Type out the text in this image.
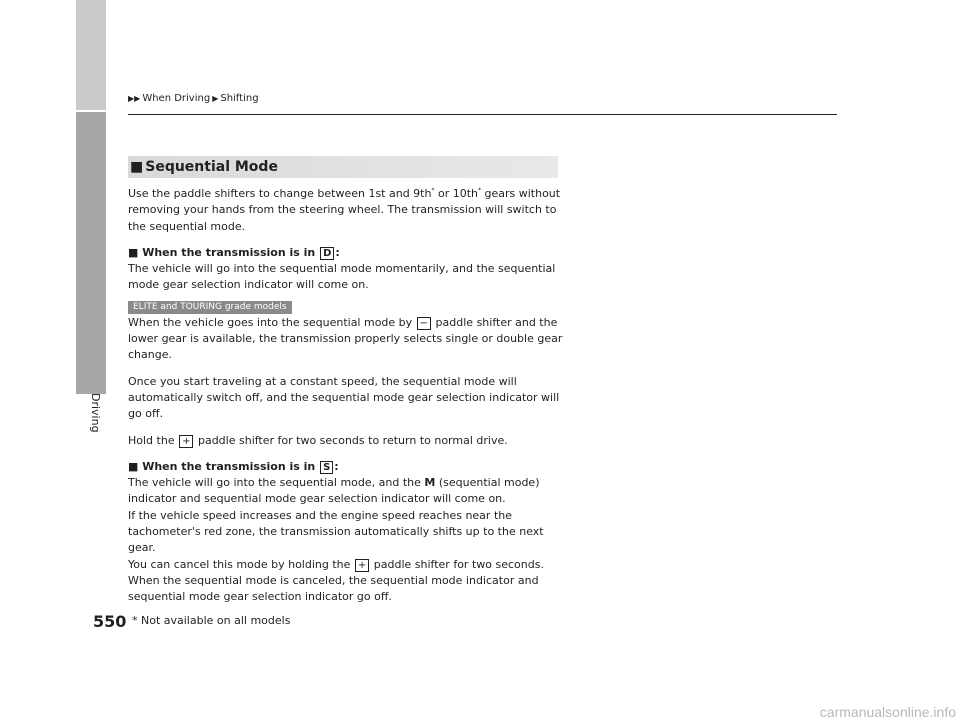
Driving
▶▶ When Driving ▶ Shifting
■ Sequential Mode

Use the paddle shifters to change between 1st and 9th* or 10th* gears without removing your hands from the steering wheel. The transmission will switch to the sequential mode.

■ When the transmission is in D :

The vehicle will go into the sequential mode momentarily, and the sequential mode gear selection indicator will come on.

ELITE and TOURING grade models

When the vehicle goes into the sequential mode by − paddle shifter and the lower gear is available, the transmission properly selects single or double gear change.

Once you start traveling at a constant speed, the sequential mode will automatically switch off, and the sequential mode gear selection indicator will go off.

Hold the + paddle shifter for two seconds to return to normal drive.

■ When the transmission is in S :

The vehicle will go into the sequential mode, and the M (sequential mode) indicator and sequential mode gear selection indicator will come on.

If the vehicle speed increases and the engine speed reaches near the tachometer's red zone, the transmission automatically shifts up to the next gear.

You can cancel this mode by holding the + paddle shifter for two seconds. When the sequential mode is canceled, the sequential mode indicator and sequential mode gear selection indicator go off.

550 * Not available on all models
carmanualsonline.info
